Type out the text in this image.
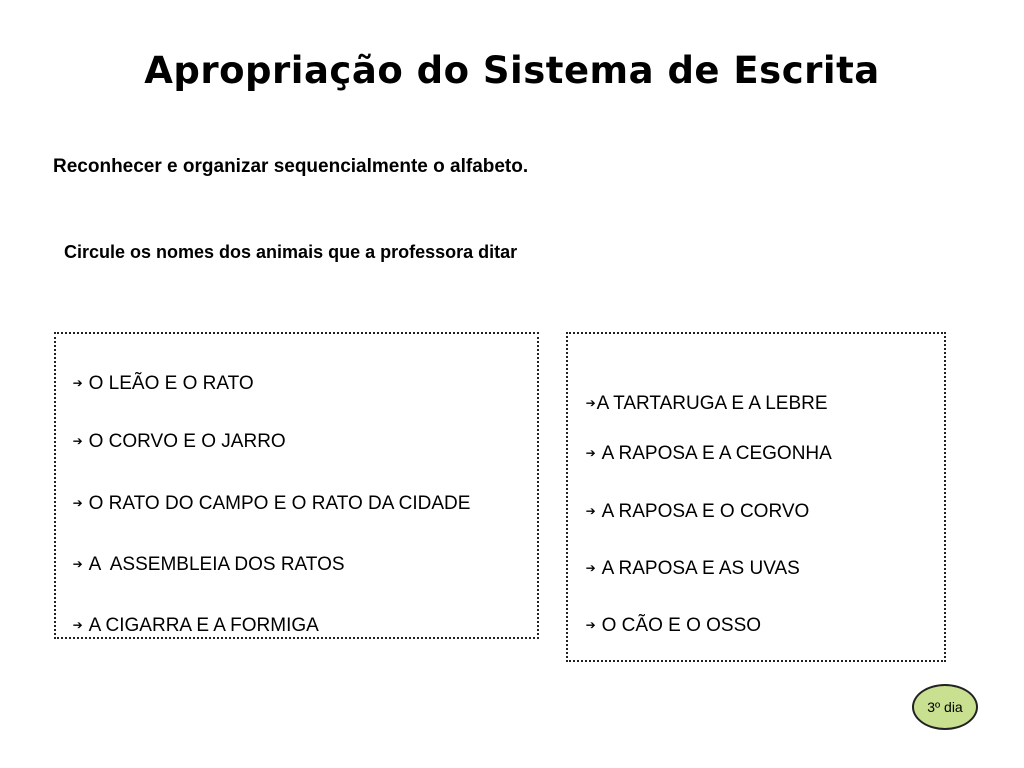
Apropriação do Sistema de Escrita
Reconhecer e organizar sequencialmente o alfabeto.
Circule os nomes dos animais que a professora ditar

➔ O LEÃO E O RATO

➔ O CORVO E O JARRO

➔ O RATO DO CAMPO E O RATO DA CIDADE

➔ A  ASSEMBLEIA DOS RATOS

➔ A CIGARRA E A FORMIGA

➔A TARTARUGA E A LEBRE

➔ A RAPOSA E A CEGONHA

➔ A RAPOSA E O CORVO

➔ A RAPOSA E AS UVAS

➔ O CÃO E O OSSO

3º dia
